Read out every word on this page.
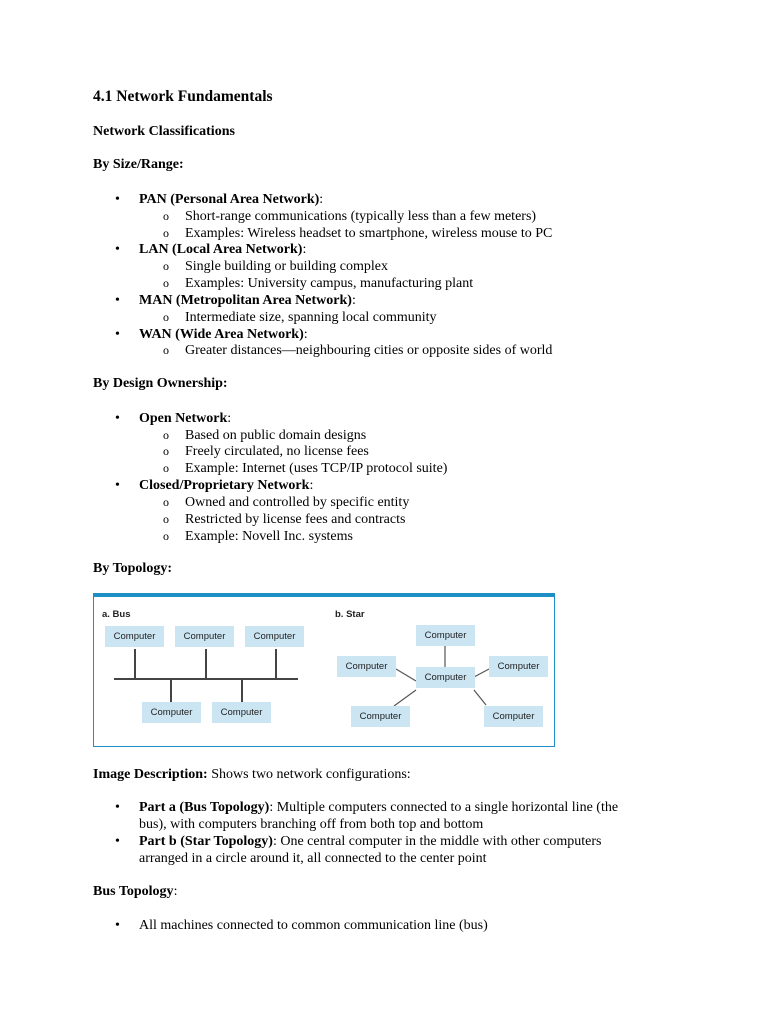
4.1 Network Fundamentals
Network Classifications
By Size/Range:
• PAN (Personal Area Network):
o Short-range communications (typically less than a few meters)
o Examples: Wireless headset to smartphone, wireless mouse to PC
• LAN (Local Area Network):
o Single building or building complex
o Examples: University campus, manufacturing plant
• MAN (Metropolitan Area Network):
o Intermediate size, spanning local community
• WAN (Wide Area Network):
o Greater distances—neighbouring cities or opposite sides of world
By Design Ownership:
• Open Network:
o Based on public domain designs
o Freely circulated, no license fees
o Example: Internet (uses TCP/IP protocol suite)
• Closed/Proprietary Network:
o Owned and controlled by specific entity
o Restricted by license fees and contracts
o Example: Novell Inc. systems
By Topology:
a. Bus
Computer	Computer	Computer
Computer	Computer
b. Star
Computer
Computer	Computer
Computer
Computer	Computer
Image Description: Shows two network configurations:
• Part a (Bus Topology): Multiple computers connected to a single horizontal line (the
bus), with computers branching off from both top and bottom
• Part b (Star Topology): One central computer in the middle with other computers
arranged in a circle around it, all connected to the center point
Bus Topology:
• All machines connected to common communication line (bus)
